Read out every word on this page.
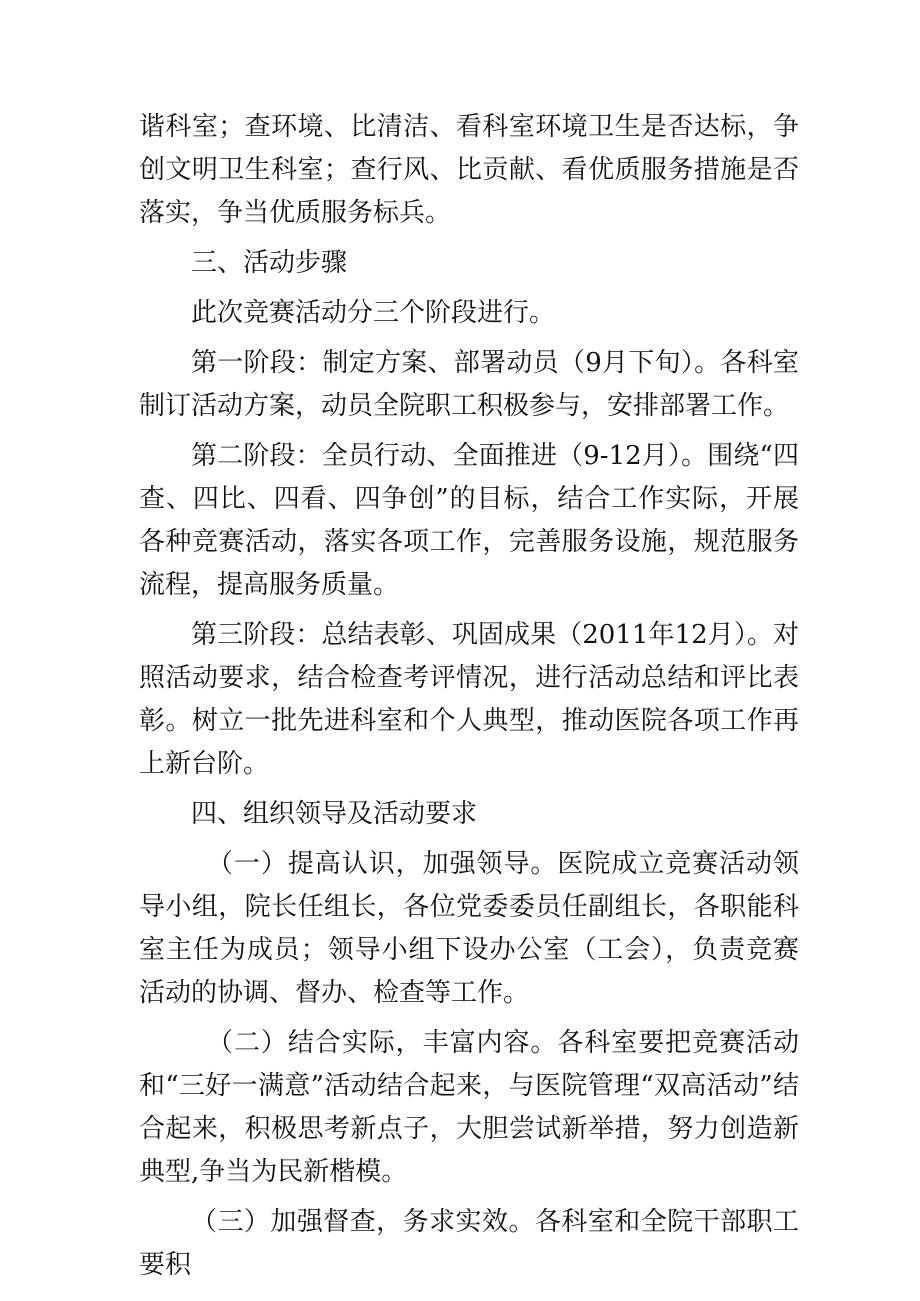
谐科室；查环境、比清洁、看科室环境卫生是否达标，争创文明卫生科室；查行风、比贡献、看优质服务措施是否落实，争当优质服务标兵。

三、活动步骤

此次竞赛活动分三个阶段进行。

第一阶段：制定方案、部署动员（9月下旬）。各科室制订活动方案，动员全院职工积极参与，安排部署工作。

第二阶段：全员行动、全面推进（9-12月）。围绕“四查、四比、四看、四争创”的目标，结合工作实际，开展各种竞赛活动，落实各项工作，完善服务设施，规范服务流程，提高服务质量。

第三阶段：总结表彰、巩固成果（2011年12月）。对照活动要求，结合检查考评情况，进行活动总结和评比表彰。树立一批先进科室和个人典型，推动医院各项工作再上新台阶。

四、组织领导及活动要求

（一）提高认识，加强领导。医院成立竞赛活动领导小组，院长任组长，各位党委委员任副组长，各职能科室主任为成员；领导小组下设办公室（工会），负责竞赛活动的协调、督办、检查等工作。

（二）结合实际，丰富内容。各科室要把竞赛活动和“三好一满意”活动结合起来，与医院管理“双高活动”结合起来，积极思考新点子，大胆尝试新举措，努力创造新典型,争当为民新楷模。

（三）加强督查，务求实效。各科室和全院干部职工要积
